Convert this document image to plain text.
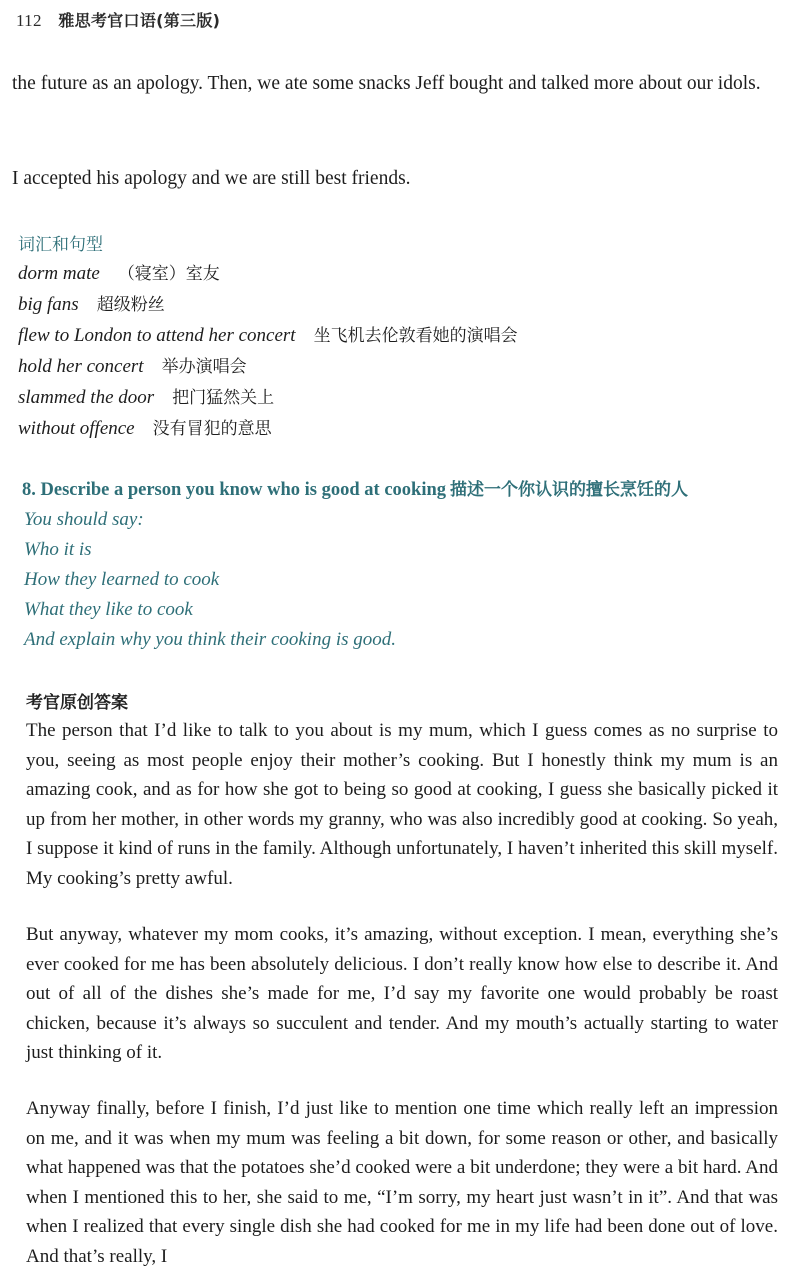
112 雅思考官口语(第三版)
the future as an apology. Then, we ate some snacks Jeff bought and talked more about our idols.
I accepted his apology and we are still best friends.
词汇和句型
dorm mate （寝室）室友
big fans 超级粉丝
flew to London to attend her concert 坐飞机去伦敦看她的演唱会
hold her concert 举办演唱会
slammed the door 把门猛然关上
without offence 没有冒犯的意思
8. Describe a person you know who is good at cooking 描述一个你认识的擅长烹饪的人
You should say:
Who it is
How they learned to cook
What they like to cook
And explain why you think their cooking is good.
考官原创答案
The person that I’d like to talk to you about is my mum, which I guess comes as no surprise to you, seeing as most people enjoy their mother’s cooking. But I honestly think my mum is an amazing cook, and as for how she got to being so good at cooking, I guess she basically picked it up from her mother, in other words my granny, who was also incredibly good at cooking. So yeah, I suppose it kind of runs in the family. Although unfortunately, I haven’t inherited this skill myself. My cooking’s pretty awful.
But anyway, whatever my mom cooks, it’s amazing, without exception. I mean, everything she’s ever cooked for me has been absolutely delicious. I don’t really know how else to describe it. And out of all of the dishes she’s made for me, I’d say my favorite one would probably be roast chicken, because it’s always so succulent and tender. And my mouth’s actually starting to water just thinking of it.
Anyway finally, before I finish, I’d just like to mention one time which really left an impression on me, and it was when my mum was feeling a bit down, for some reason or other, and basically what happened was that the potatoes she’d cooked were a bit underdone; they were a bit hard. And when I mentioned this to her, she said to me, “I’m sorry, my heart just wasn’t in it”. And that was when I realized that every single dish she had cooked for me in my life had been done out of love. And that’s really, I
